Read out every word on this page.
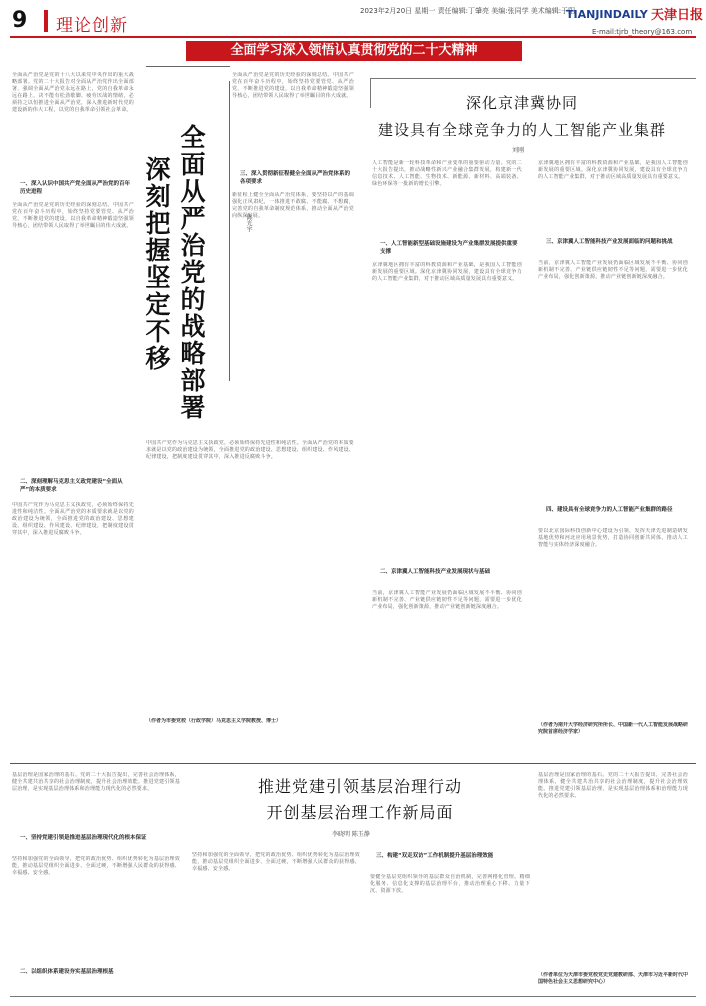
9 理论创新
2023年2月20日 星期一 责任编辑:丁肇亮 美编:张同学 美术编辑:于阳
TIANJINDAILY 天津日报
E-mail:tjrb_theory@163.com
全面学习深入领悟认真贯彻党的二十大精神
全面从严治党的战略部署
深刻把握坚定不移	陈光宇
全面从严治党是党的十八大以来党中央作出的重大战略部署。党的二十大报告对全面从严治党作出全面部署，强调全面从严治党永远在路上，党的自我革命永远在路上，决不能有松劲歇脚、疲劳厌战的情绪，必须持之以恒推进全面从严治党，深入推进新时代党的建设新的伟大工程，以党的自我革命引领社会革命。
一、深入认识中国共产党全面从严治党的百年历史进程
全面从严治党是党的历史经验的深刻总结。中国共产党在百年奋斗历程中，始终坚持党要管党、从严治党，不断推进党的建设，以自我革命精神锻造坚强领导核心，团结带领人民取得了举世瞩目的伟大成就。
二、深刻理解马克思主义政党建设“全面从严”的本质要求
中国共产党作为马克思主义执政党，必须始终保持先进性和纯洁性。全面从严治党的本质要求就是以党的政治建设为统领，全面推进党的政治建设、思想建设、组织建设、作风建设、纪律建设，把制度建设贯穿其中，深入推进反腐败斗争。
全面从严治党是党的历史经验的深刻总结。中国共产党在百年奋斗历程中，始终坚持党要管党、从严治党，不断推进党的建设，以自我革命精神锻造坚强领导核心，团结带领人民取得了举世瞩目的伟大成就。
三、深入贯彻新征程健全全面从严治党体系的各项要求
新征程上健全全面从严治党体系，要坚持以严的基调强化正风肃纪，一体推进不敢腐、不能腐、不想腐，完善党的自我革命制度规范体系，推动全面从严治党向纵深发展。
中国共产党作为马克思主义执政党，必须始终保持先进性和纯洁性。全面从严治党的本质要求就是以党的政治建设为统领，全面推进党的政治建设、思想建设、组织建设、作风建设、纪律建设，把制度建设贯穿其中，深入推进反腐败斗争。
（作者为市委党校（行政学院）马克思主义学院教授、博士）
深化京津冀协同
建设具有全球竞争力的人工智能产业集群
刘刚
人工智能是新一轮科技革命和产业变革的重要驱动力量。党的二十大报告提出，推动战略性新兴产业融合集群发展，构建新一代信息技术、人工智能、生物技术、新能源、新材料、高端装备、绿色环保等一批新的增长引擎。
一、人工智能新型基础设施建设为产业集群发展提供重要支撑
京津冀地区拥有丰富的科教资源和产业基础，是我国人工智能创新发展的重要区域。深化京津冀协同发展，建设具有全球竞争力的人工智能产业集群，对于推动区域高质量发展具有重要意义。
二、京津冀人工智能科技产业发展现状与基础
当前，京津冀人工智能产业发展仍面临区域发展不平衡、协同创新机制不完善、产业链供应链韧性不足等问题，需要进一步优化产业布局，强化创新策源，推动产业链创新链深度融合。
京津冀地区拥有丰富的科教资源和产业基础，是我国人工智能创新发展的重要区域。深化京津冀协同发展，建设具有全球竞争力的人工智能产业集群，对于推动区域高质量发展具有重要意义。
三、京津冀人工智能科技产业发展面临的问题和挑战
当前，京津冀人工智能产业发展仍面临区域发展不平衡、协同创新机制不完善、产业链供应链韧性不足等问题，需要进一步优化产业布局，强化创新策源，推动产业链创新链深度融合。
四、建设具有全球竞争力的人工智能产业集群的路径
要以北京国际科技创新中心建设为引领，发挥天津先进制造研发基地优势和河北应用场景优势，打造协同创新共同体，推动人工智能与实体经济深度融合。
（作者为南开大学经济研究所所长、中国新一代人工智能发展战略研究院首席经济学家）
推进党建引领基层治理行动
开创基层治理工作新局面
李晓明 陈玉静
基层治理是国家治理的基石。党的二十大报告提出，完善社会治理体系，健全共建共治共享的社会治理制度，提升社会治理效能。推进党建引领基层治理，是实现基层治理体系和治理能力现代化的必然要求。
一、坚持党建引领是推进基层治理现代化的根本保证
坚持和加强党的全面领导，把党的政治优势、组织优势转化为基层治理效能，推动基层党组织全面进步、全面过硬，不断增强人民群众的获得感、幸福感、安全感。
二、以组织体系建设夯实基层治理根基
坚持和加强党的全面领导，把党的政治优势、组织优势转化为基层治理效能，推动基层党组织全面进步、全面过硬，不断增强人民群众的获得感、幸福感、安全感。
三、构建“双走双访”工作机制提升基层治理效能
要健全基层党组织领导的基层群众自治机制，完善网格化管理、精细化服务、信息化支撑的基层治理平台，推动治理重心下移、力量下沉、资源下放。
基层治理是国家治理的基石。党的二十大报告提出，完善社会治理体系，健全共建共治共享的社会治理制度，提升社会治理效能。推进党建引领基层治理，是实现基层治理体系和治理能力现代化的必然要求。
（作者单位为天津市委党校党史党建教研部、天津市习近平新时代中国特色社会主义思想研究中心）
